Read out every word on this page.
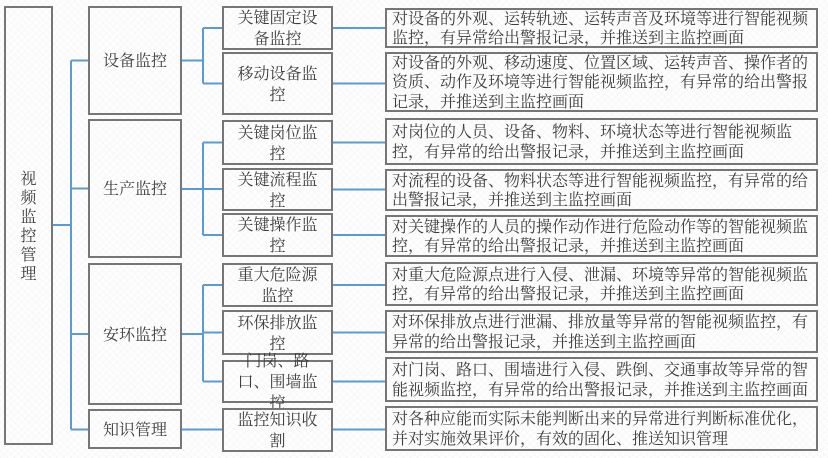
视频监控管理
设备监控
生产监控
安环监控
知识管理
关键固定设备监控
移动设备监控
关键岗位监控
关键流程监控
关键操作监控
重大危险源监控
环保排放监控
门岗、路口、围墙监控
监控知识收割
对设备的外观、运转轨迹、运转声音及环境等进行智能视频监控，有异常给出警报记录，并推送到主监控画面
对设备的外观、移动速度、位置区域、运转声音、操作者的资质、动作及环境等进行智能视频监控，有异常的给出警报记录，并推送到主监控画面
对岗位的人员、设备、物料、环境状态等进行智能视频监控，有异常的给出警报记录，并推送到主监控画面
对流程的设备、物料状态等进行智能视频监控，有异常的给出警报记录，并推送到主监控画面
对关键操作的人员的操作动作进行危险动作等的智能视频监控，有异常的给出警报记录，并推送到主监控画面
对重大危险源点进行入侵、泄漏、环境等异常的智能视频监控，有异常的给出警报记录，并推送到主监控画面
对环保排放点进行泄漏、排放量等异常的智能视频监控，有异常的给出警报记录，并推送到主监控画面
对门岗、路口、围墙进行入侵、跌倒、交通事故等异常的智能视频监控，有异常的给出警报记录，并推送到主监控画面
对各种应能而实际未能判断出来的异常进行判断标准优化，并对实施效果评价，有效的固化、推送知识管理
